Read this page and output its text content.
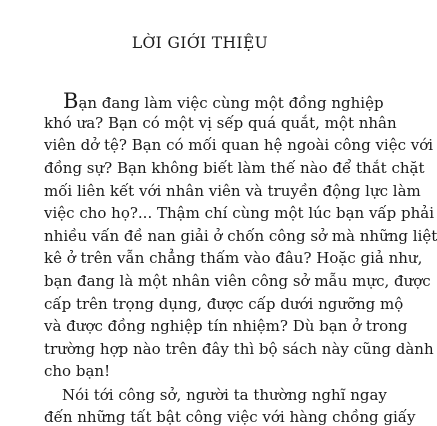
LỜI GIỚI THIỆU
Bạn đang làm việc cùng một đồng nghiệp
khó ưa? Bạn có một vị sếp quá quắt, một nhân
viên dở tệ? Bạn có mối quan hệ ngoài công việc với
đồng sự? Bạn không biết làm thế nào để thắt chặt
mối liên kết với nhân viên và truyền động lực làm
việc cho họ?... Thậm chí cùng một lúc bạn vấp phải
nhiều vấn đề nan giải ở chốn công sở mà những liệt
kê ở trên vẫn chẳng thấm vào đâu? Hoặc giả như,
bạn đang là một nhân viên công sở mẫu mực, được
cấp trên trọng dụng, được cấp dưới ngưỡng mộ
và được đồng nghiệp tín nhiệm? Dù bạn ở trong
trường hợp nào trên đây thì bộ sách này cũng dành
cho bạn!
Nói tới công sở, người ta thường nghĩ ngay
đến những tất bật công việc với hàng chồng giấy
